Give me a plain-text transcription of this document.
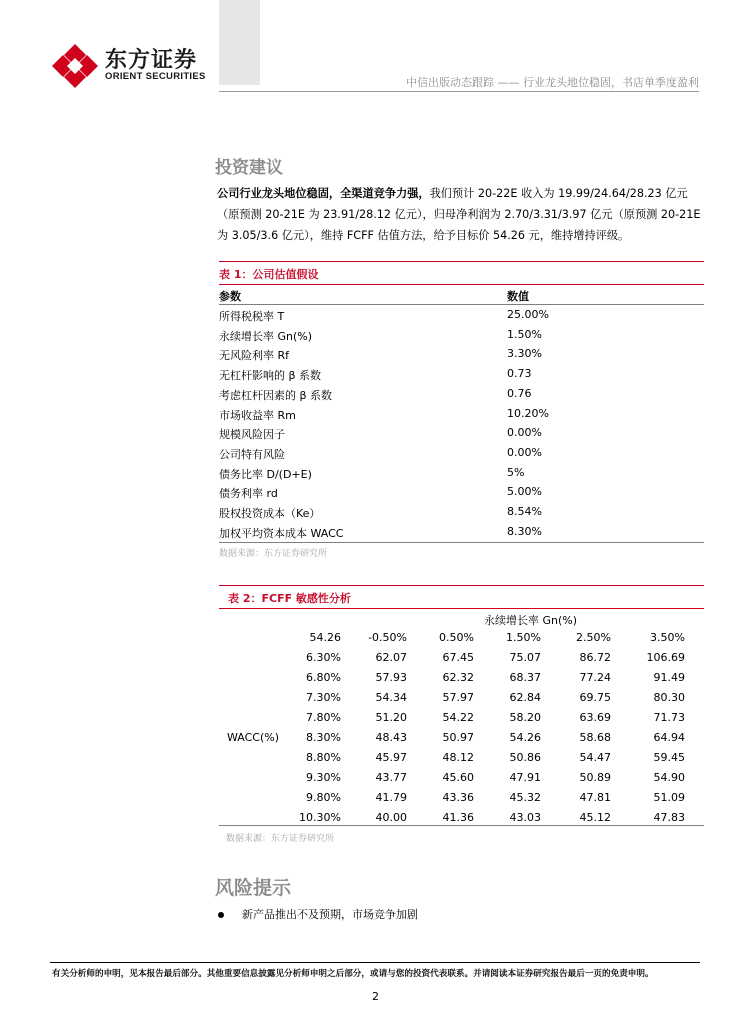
东方证券
ORIENT SECURITIES	中信出版动态跟踪 —— 行业龙头地位稳固，书店单季度盈利
投资建议
公司行业龙头地位稳固，全渠道竞争力强，我们预计 20-22E 收入为 19.99/24.64/28.23 亿元（原预测 20-21E 为 23.91/28.12 亿元），归母净利润为 2.70/3.31/3.97 亿元（原预测 20-21E 为 3.05/3.6 亿元），维持 FCFF 估值方法，给予目标价 54.26 元，维持增持评级。
表 1：公司估值假设
参数	数值
所得税税率 T	25.00%
永续增长率 Gn(%)	1.50%
无风险利率 Rf	3.30%
无杠杆影响的 β 系数	0.73
考虑杠杆因素的 β 系数	0.76
市场收益率 Rm	10.20%
规模风险因子	0.00%
公司特有风险	0.00%
债务比率 D/(D+E)	5%
债务利率 rd	5.00%
股权投资成本（Ke）	8.54%
加权平均资本成本 WACC	8.30%
数据来源：东方证券研究所
表 2：FCFF 敏感性分析
永续增长率 Gn(%)
WACC(%)
54.26	-0.50%	0.50%	1.50%	2.50%	3.50%
6.30%	62.07	67.45	75.07	86.72	106.69
6.80%	57.93	62.32	68.37	77.24	91.49
7.30%	54.34	57.97	62.84	69.75	80.30
7.80%	51.20	54.22	58.20	63.69	71.73
8.30%	48.43	50.97	54.26	58.68	64.94
8.80%	45.97	48.12	50.86	54.47	59.45
9.30%	43.77	45.60	47.91	50.89	54.90
9.80%	41.79	43.36	45.32	47.81	51.09
10.30%	40.00	41.36	43.03	45.12	47.83
数据来源：东方证券研究所
风险提示
新产品推出不及预期，市场竞争加剧
有关分析师的申明，见本报告最后部分。其他重要信息披露见分析师申明之后部分，或请与您的投资代表联系。并请阅读本证券研究报告最后一页的免责申明。
2
